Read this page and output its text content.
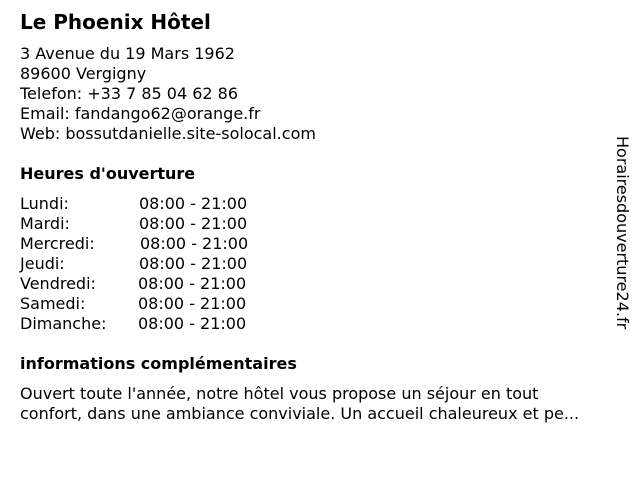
Le Phoenix Hôtel
3 Avenue du 19 Mars 1962
89600 Vergigny
Telefon: +33 7 85 04 62 86
Email: fandango62@orange.fr
Web: bossutdanielle.site-solocal.com
Heures d'ouverture
Lundi:	08:00 - 21:00
Mardi:	08:00 - 21:00
Mercredi:	08:00 - 21:00
Jeudi:	08:00 - 21:00
Vendredi:	08:00 - 21:00
Samedi:	08:00 - 21:00
Dimanche: 08:00 - 21:00
informations complémentaires
Ouvert toute l'année, notre hôtel vous propose un séjour en tout
confort, dans une ambiance conviviale. Un accueil chaleureux et pe...
Horairesdouverture24.fr
